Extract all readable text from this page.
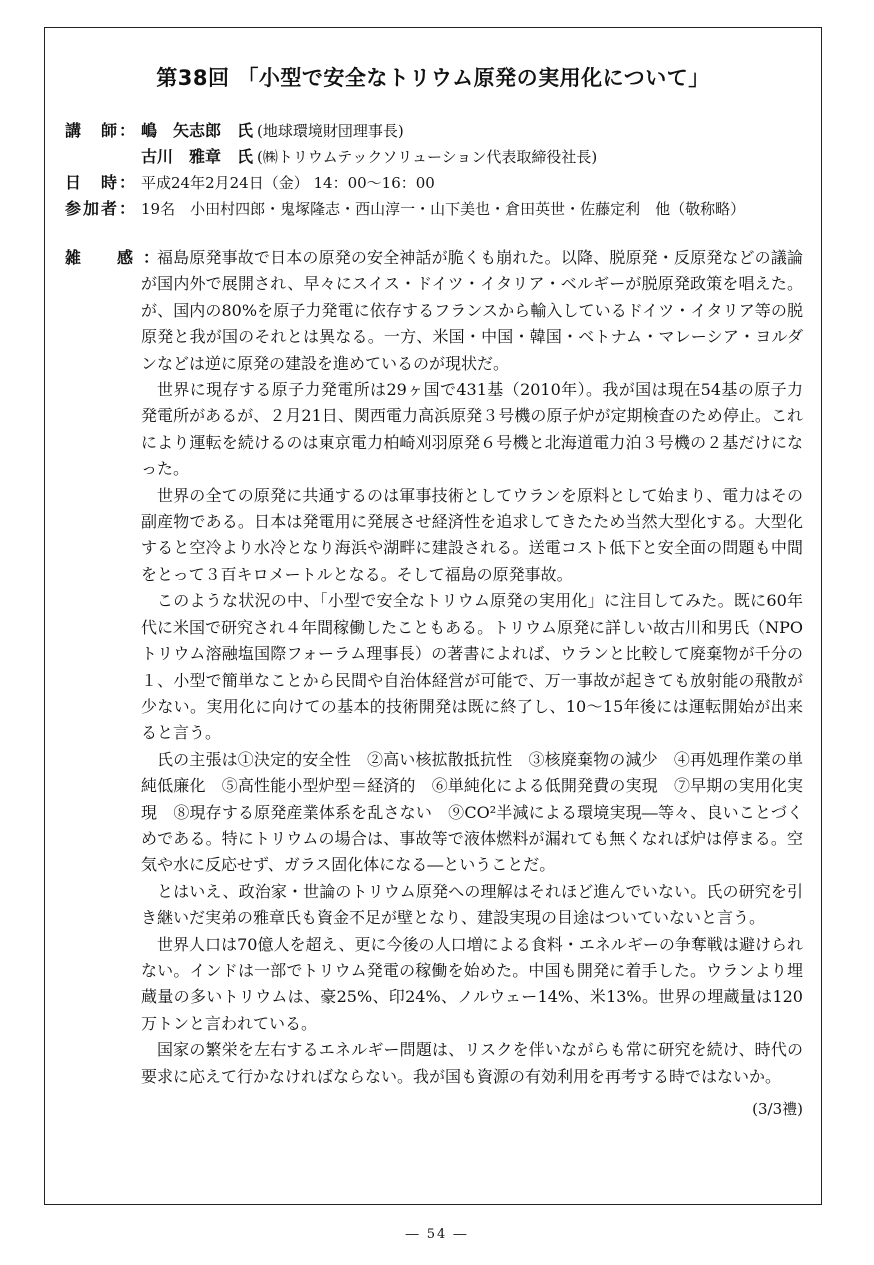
第38回 「小型で安全なトリウム原発の実用化について」
講　師： 嶋　矢志郎　氏 (地球環境財団理事長)
古川　雅章　氏 (㈱トリウムテックソリューション代表取締役社長)
日　時： 平成24年2月24日（金） 14：00～16：00
参加者： 19名　小田村四郎・鬼塚隆志・西山淳一・山下美也・倉田英世・佐藤定利　他（敬称略）
雑　感：

福島原発事故で日本の原発の安全神話が脆くも崩れた。以降、脱原発・反原発などの議論が国内外で展開され、早々にスイス・ドイツ・イタリア・ベルギーが脱原発政策を唱えた。が、国内の80%を原子力発電に依存するフランスから輸入しているドイツ・イタリア等の脱原発と我が国のそれとは異なる。一方、米国・中国・韓国・ベトナム・マレーシア・ヨルダンなどは逆に原発の建設を進めているのが現状だ。

世界に現存する原子力発電所は29ヶ国で431基（2010年）。我が国は現在54基の原子力発電所があるが、２月21日、関西電力高浜原発３号機の原子炉が定期検査のため停止。これにより運転を続けるのは東京電力柏崎刈羽原発６号機と北海道電力泊３号機の２基だけになった。

世界の全ての原発に共通するのは軍事技術としてウランを原料として始まり、電力はその副産物である。日本は発電用に発展させ経済性を追求してきたため当然大型化する。大型化すると空冷より水冷となり海浜や湖畔に建設される。送電コスト低下と安全面の問題も中間をとって３百キロメートルとなる。そして福島の原発事故。

このような状況の中、「小型で安全なトリウム原発の実用化」に注目してみた。既に60年代に米国で研究され４年間稼働したこともある。トリウム原発に詳しい故古川和男氏（NPOトリウム溶融塩国際フォーラム理事長）の著書によれば、ウランと比較して廃棄物が千分の１、小型で簡単なことから民間や自治体経営が可能で、万一事故が起きても放射能の飛散が少ない。実用化に向けての基本的技術開発は既に終了し、10～15年後には運転開始が出来ると言う。

氏の主張は①決定的安全性　②高い核拡散抵抗性　③核廃棄物の減少　④再処理作業の単純低廉化　⑤高性能小型炉型＝経済的　⑥単純化による低開発費の実現　⑦早期の実用化実現　⑧現存する原発産業体系を乱さない　⑨CO²半減による環境実現―等々、良いことづくめである。特にトリウムの場合は、事故等で液体燃料が漏れても無くなれば炉は停まる。空気や水に反応せず、ガラス固化体になる―ということだ。

とはいえ、政治家・世論のトリウム原発への理解はそれほど進んでいない。氏の研究を引き継いだ実弟の雅章氏も資金不足が壁となり、建設実現の目途はついていないと言う。

世界人口は70億人を超え、更に今後の人口増による食料・エネルギーの争奪戦は避けられない。インドは一部でトリウム発電の稼働を始めた。中国も開発に着手した。ウランより埋蔵量の多いトリウムは、豪25%、印24%、ノルウェー14%、米13%。世界の埋蔵量は120万トンと言われている。

国家の繁栄を左右するエネルギー問題は、リスクを伴いながらも常に研究を続け、時代の要求に応えて行かなければならない。我が国も資源の有効利用を再考する時ではないか。

(3/3禮)
― 54 ―
